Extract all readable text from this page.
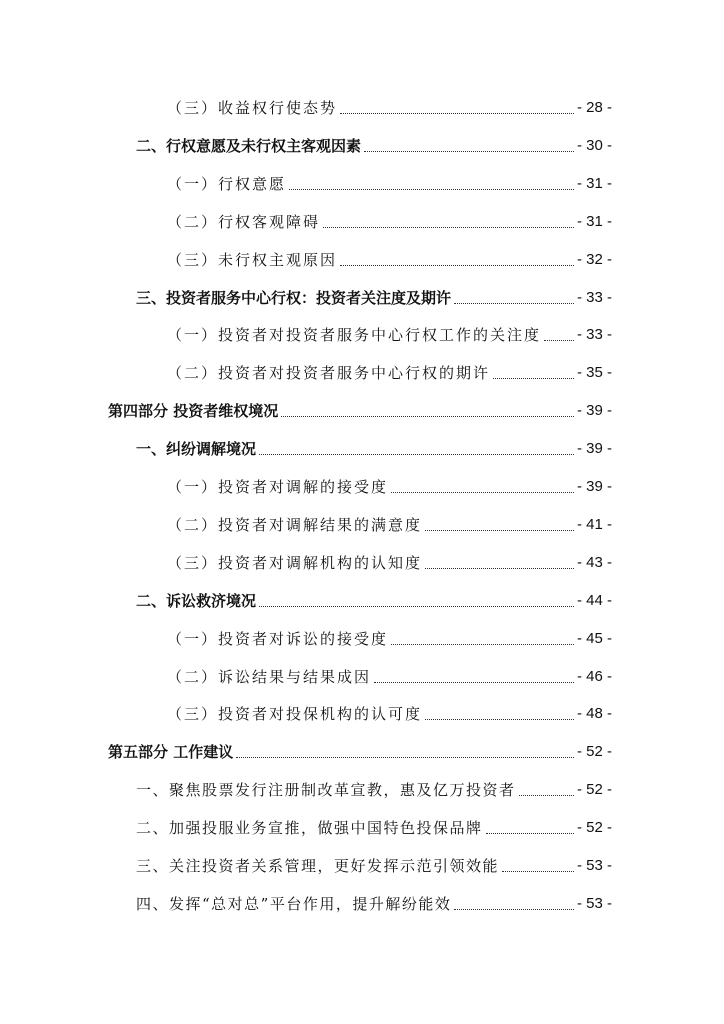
（三）收益权行使态势	- 28 -
二、行权意愿及未行权主客观因素	- 30 -
（一）行权意愿	- 31 -
（二）行权客观障碍	- 31 -
（三）未行权主观原因	- 32 -
三、投资者服务中心行权：投资者关注度及期许	- 33 -
（一）投资者对投资者服务中心行权工作的关注度 - 33 -
（二）投资者对投资者服务中心行权的期许	- 35 -
第四部分 投资者维权境况	- 39 -
一、纠纷调解境况	- 39 -
（一）投资者对调解的接受度	- 39 -
（二）投资者对调解结果的满意度	- 41 -
（三）投资者对调解机构的认知度	- 43 -
二、诉讼救济境况	- 44 -
（一）投资者对诉讼的接受度	- 45 -
（二）诉讼结果与结果成因	- 46 -
（三）投资者对投保机构的认可度	- 48 -
第五部分 工作建议	- 52 -
一、聚焦股票发行注册制改革宣教，惠及亿万投资者	- 52 -
二、加强投服业务宣推，做强中国特色投保品牌	- 52 -
三、关注投资者关系管理，更好发挥示范引领效能	- 53 -
四、发挥“总对总”平台作用，提升解纷能效	- 53 -
